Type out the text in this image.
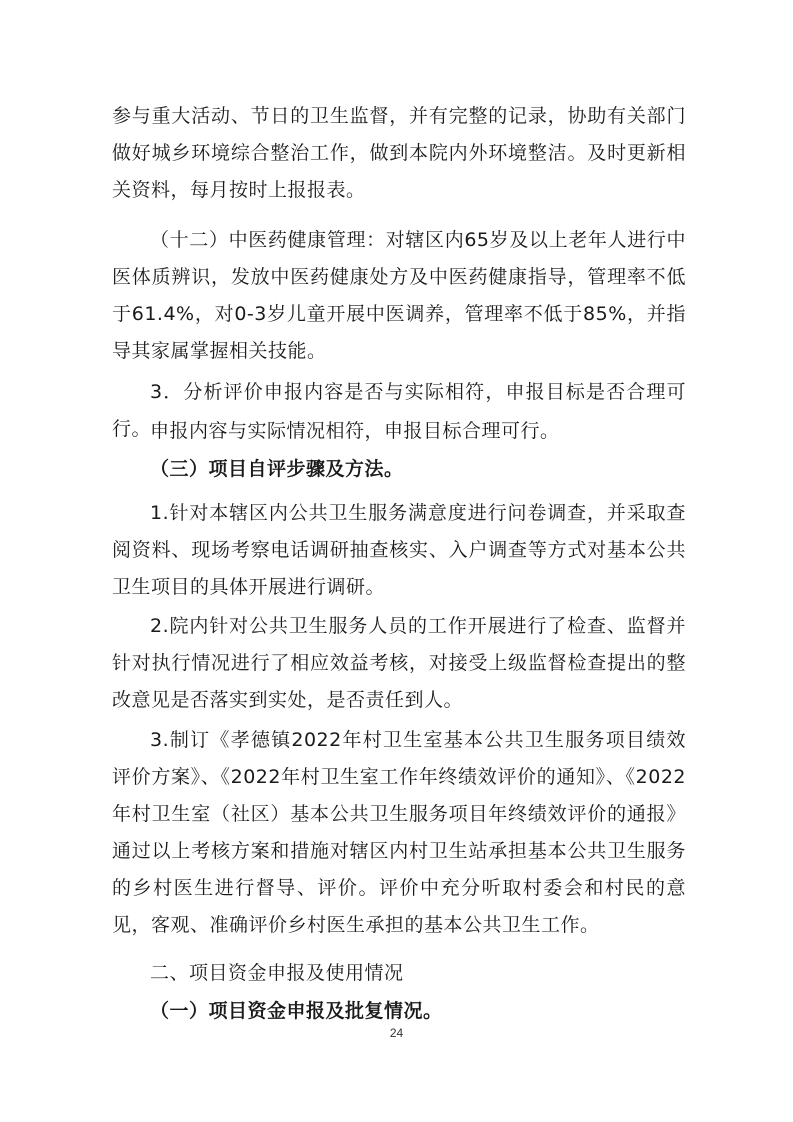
参与重大活动、节日的卫生监督，并有完整的记录，协助有关部门做好城乡环境综合整治工作，做到本院内外环境整洁。及时更新相关资料，每月按时上报报表。

（十二）中医药健康管理：对辖区内65岁及以上老年人进行中医体质辨识，发放中医药健康处方及中医药健康指导，管理率不低于61.4%，对0-3岁儿童开展中医调养，管理率不低于85%，并指导其家属掌握相关技能。

3．分析评价申报内容是否与实际相符，申报目标是否合理可行。

申报内容与实际情况相符，申报目标合理可行。

（三）项目自评步骤及方法。

1.针对本辖区内公共卫生服务满意度进行问卷调查，并采取查阅资料、现场考察电话调研抽查核实、入户调查等方式对基本公共卫生项目的具体开展进行调研。

2.院内针对公共卫生服务人员的工作开展进行了检查、监督并针对执行情况进行了相应效益考核，对接受上级监督检查提出的整改意见是否落实到实处，是否责任到人。

3.制订《孝德镇2022年村卫生室基本公共卫生服务项目绩效评价方案》、《2022年村卫生室工作年终绩效评价的通知》、《2022年村卫生室（社区）基本公共卫生服务项目年终绩效评价的通报》通过以上考核方案和措施对辖区内村卫生站承担基本公共卫生服务的乡村医生进行督导、评价。评价中充分听取村委会和村民的意见，客观、准确评价乡村医生承担的基本公共卫生工作。

二、项目资金申报及使用情况

（一）项目资金申报及批复情况。

24
